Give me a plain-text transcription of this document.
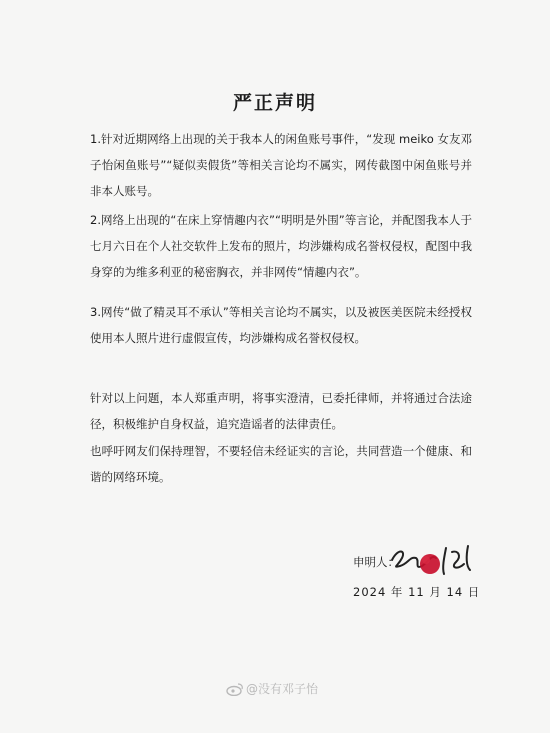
严正声明
1.针对近期网络上出现的关于我本人的闲鱼账号事件，“发现 meiko 女友邓子怡闲鱼账号”“疑似卖假货”等相关言论均不属实，网传截图中闲鱼账号并非本人账号。
2.网络上出现的“在床上穿情趣内衣”“明明是外围”等言论，并配图我本人于七月六日在个人社交软件上发布的照片，均涉嫌构成名誉权侵权，配图中我身穿的为维多利亚的秘密胸衣，并非网传“情趣内衣”。
3.网传“做了精灵耳不承认”等相关言论均不属实，以及被医美医院未经授权使用本人照片进行虚假宣传，均涉嫌构成名誉权侵权。
针对以上问题，本人郑重声明，将事实澄清，已委托律师，并将通过合法途径，积极维护自身权益，追究造谣者的法律责任。
也呼吁网友们保持理智，不要轻信未经证实的言论，共同营造一个健康、和谐的网络环境。
申明人：
2024 年 11 月 14 日
@没有邓子怡
